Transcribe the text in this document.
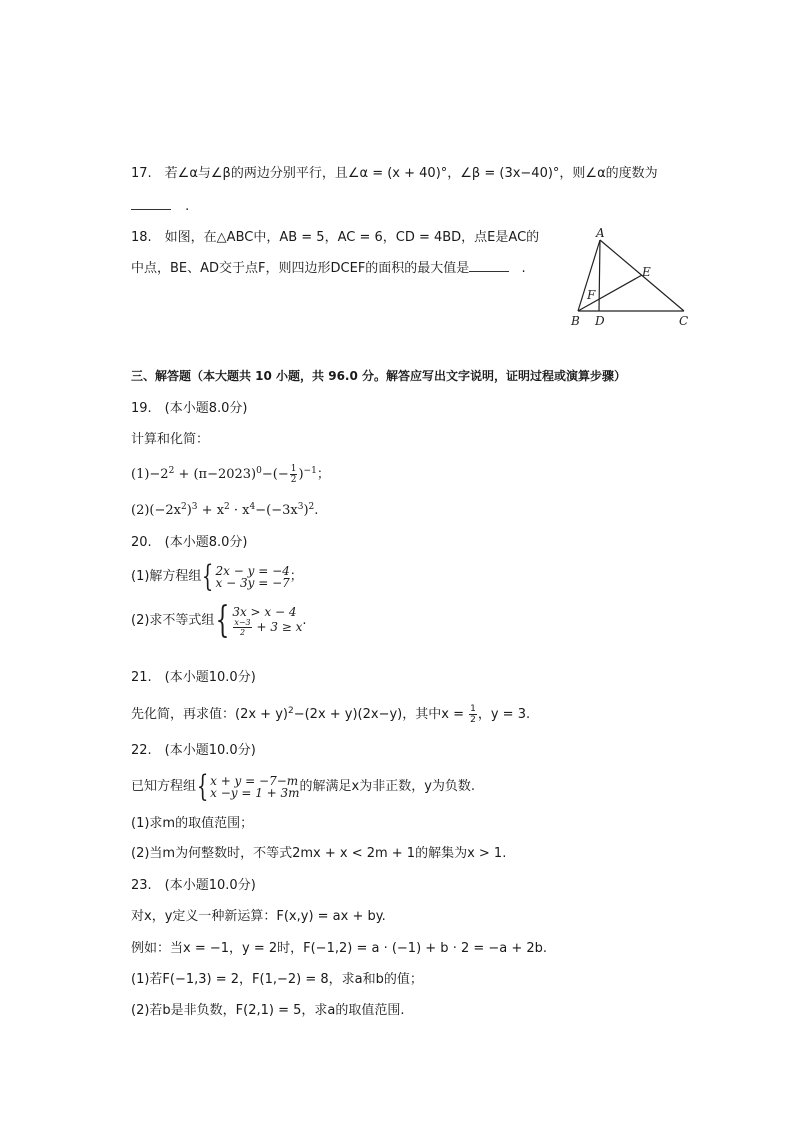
17.　若∠α与∠β的两边分别平行，且∠α = (x + 40)°，∠β = (3x−40)°，则∠α的度数为
.
18.　如图，在△ABC中，AB = 5，AC = 6，CD = 4BD，点E是AC的
中点，BE、AD交于点F，则四边形DCEF的面积的最大值是	.
A
B	C
D
E
F
三、解答题（本大题共 10 小题，共 96.0 分。解答应写出文字说明，证明过程或演算步骤）
19.　(本小题8.0分)
计算和化简：
$(1)-2^2 + (\pi-2023)^0-(- \frac{1}{2} )^{-1}$；
$(2)(-2x^2)^3 + x^2 \cdot x^4-(-3x^3)^2$.
20.　(本小题8.0分)
(1)解方程组 { 2x − y = −4
x − 3y = −7 ；
(2)求不等式组 { 3x > x − 4
$\frac{x-3}{2} + 3 \ge x$ .
21.　(本小题10.0分)
先化简，再求值：$(2x + y)^2-(2x + y)(2x-y)$，其中$x = \frac{1}{2}$ ，y = 3.
22.　(本小题10.0分)
已知方程组 { x + y = −7−m
x −y = 1 + 3m 的解满足x为非正数，y为负数.
(1)求m的取值范围；
(2)当m为何整数时，不等式2mx + x < 2m + 1的解集为x > 1.
23.　(本小题10.0分)
对x，y定义一种新运算：F(x,y) = ax + by.
例如：当x = −1，y = 2时，F(−1,2) = a · (−1) + b · 2 = −a + 2b.
(1)若F(−1,3) = 2，F(1,−2) = 8，求a和b的值；
(2)若b是非负数，F(2,1) = 5，求a的取值范围.
